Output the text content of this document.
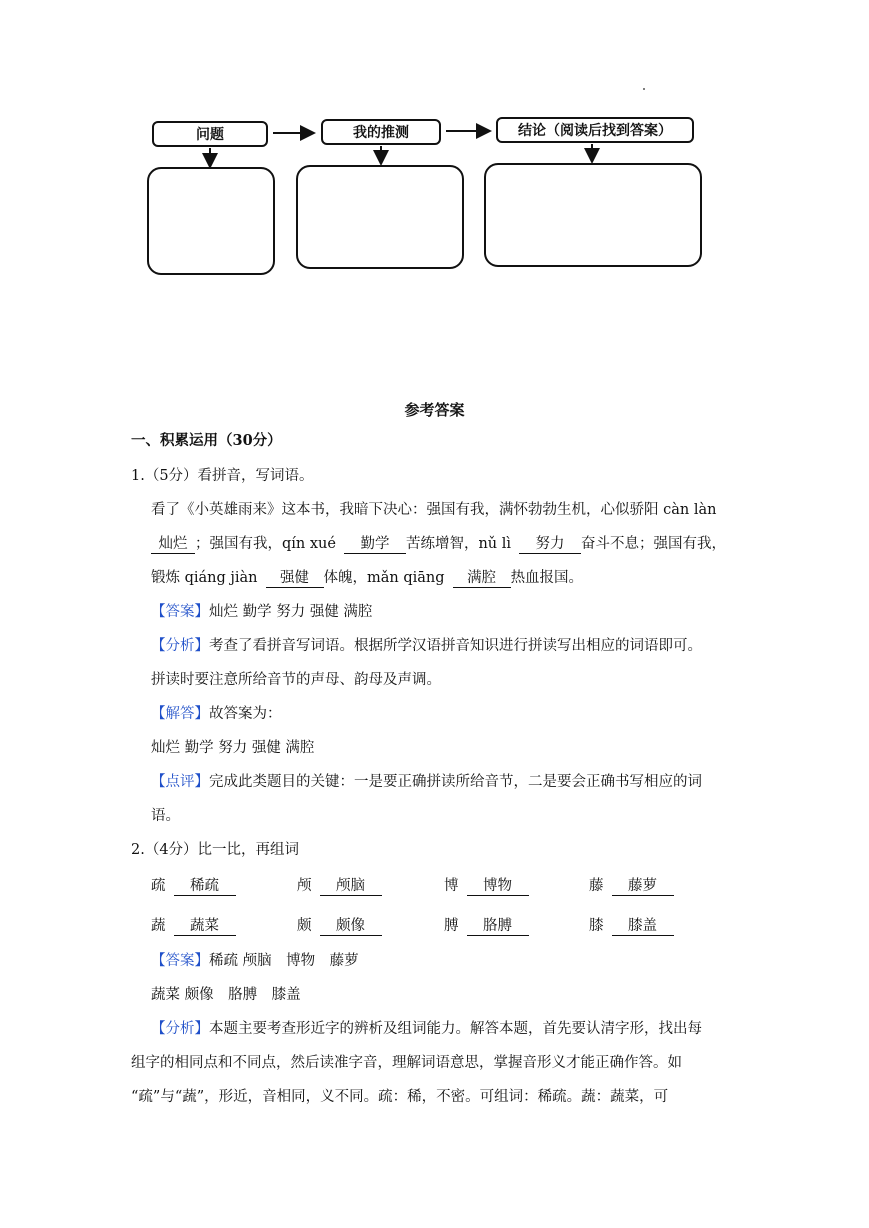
问题	我的推测	结论（阅读后找到答案）
参考答案
一、积累运用（30分）
1.（5分）看拼音，写词语。
看了《小英雄雨来》这本书，我暗下决心：强国有我，满怀勃勃生机，心似骄阳 càn làn
灿烂 ；强国有我，qín xué 勤学 苦练增智，nǔ lì 努力 奋斗不息；强国有我，
锻炼 qiáng jiàn 强健 体魄，mǎn qiāng 满腔 热血报国。
【答案】灿烂 勤学 努力 强健 满腔
【分析】考查了看拼音写词语。根据所学汉语拼音知识进行拼读写出相应的词语即可。
拼读时要注意所给音节的声母、韵母及声调。
【解答】故答案为：
灿烂 勤学 努力 强健 满腔
【点评】完成此类题目的关键：一是要正确拼读所给音节，二是要会正确书写相应的词
语。
2.（4分）比一比，再组词
疏 稀疏	颅 颅脑	博 博物	藤 藤萝
蔬 蔬菜	颇 颇像	膊 胳膊	膝 膝盖
【答案】稀疏 颅脑　博物　藤萝
蔬菜 颇像　胳膊　膝盖
【分析】本题主要考查形近字的辨析及组词能力。解答本题，首先要认清字形，找出每
组字的相同点和不同点，然后读准字音，理解词语意思，掌握音形义才能正确作答。如
“疏”与“蔬”，形近，音相同，义不同。疏：稀，不密。可组词：稀疏。蔬：蔬菜，可
